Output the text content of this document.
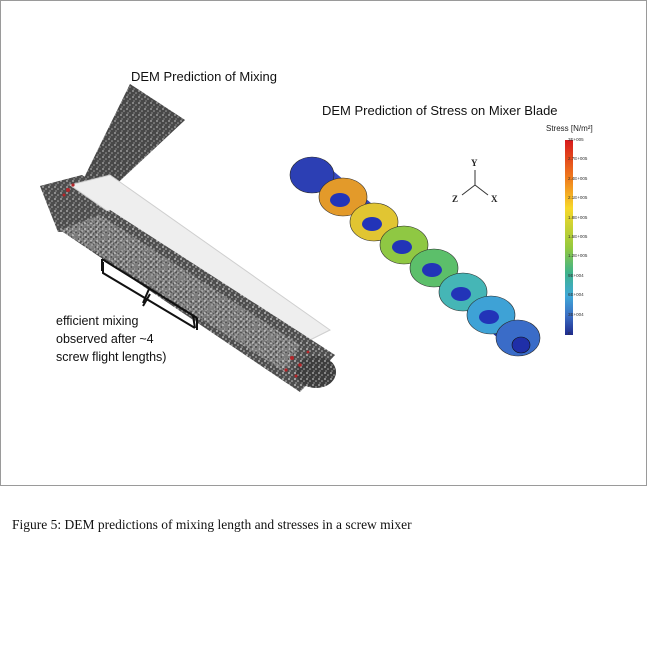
DEM Prediction of Mixing
DEM Prediction of Stress on Mixer Blade
efficient mixing
observed after ~4
screw flight lengths)
Y
Z	X
Stress [N/m²]
3E+005
2.7E+005
2.4E+005
2.1E+005
1.8E+005
1.5E+005
1.2E+005
9E+004
6E+004
3E+004
0
Figure 5: DEM predictions of mixing length and stresses in a screw mixer
